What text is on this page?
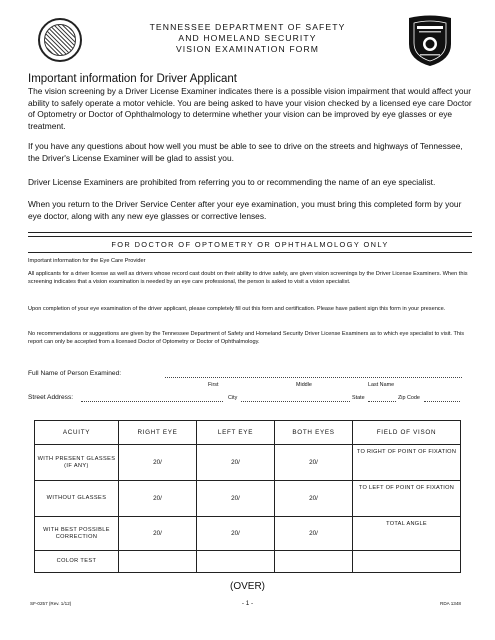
TENNESSEE DEPARTMENT OF SAFETY
AND HOMELAND SECURITY
VISION EXAMINATION FORM
Important information for Driver Applicant
The vision screening by a Driver License Examiner indicates there is a possible vision impairment that would affect your ability to safely operate a motor vehicle. You are being asked to have your vision checked by a licensed eye care Doctor of Optometry or Doctor of Ophthalmology to determine whether your vision can be improved by eye glasses or eye treatment.
If you have any questions about how well you must be able to see to drive on the streets and highways of Tennessee, the Driver's License Examiner will be glad to assist you.
Driver License Examiners are prohibited from referring you to or recommending the name of an eye specialist.
When you return to the Driver Service Center after your eye examination, you must bring this completed form by your eye doctor, along with any new eye glasses or corrective lenses.
FOR DOCTOR OF OPTOMETRY OR OPHTHALMOLOGY ONLY
Important information for the Eye Care Provider
All applicants for a driver license as well as drivers whose record cast doubt on their ability to drive safely, are given vision screenings by the Driver License Examiners. When this screening indicates that a vision examination is needed by an eye care professional, the person is asked to visit a vision specialist.
Upon completion of your eye examination of the driver applicant, please completely fill out this form and certification. Please have patient sign this form in your presence.
No recommendations or suggestions are given by the Tennessee Department of Safety and Homeland Security Driver License Examiners as to which eye specialist to visit. This report can only be accepted from a licensed Doctor of Optometry or Doctor of Ophthalmology.
Full Name of Person Examined:
First	Middle	Last Name
Street Address:	City	State	Zip Code
ACUITY	RIGHT EYE	LEFT EYE	BOTH EYES	FIELD OF VISON
WITH PRESENT GLASSES (IF ANY)	20/	20/	20/	TO RIGHT OF POINT OF FIXATION
WITHOUT GLASSES	20/	20/	20/	TO LEFT OF POINT OF FIXATION
WITH BEST POSSIBLE CORRECTION	20/	20/	20/	TOTAL ANGLE
COLOR TEST				
(OVER)
SF-0257 (Rev. 1/12)	- 1 -	RDA 1348
